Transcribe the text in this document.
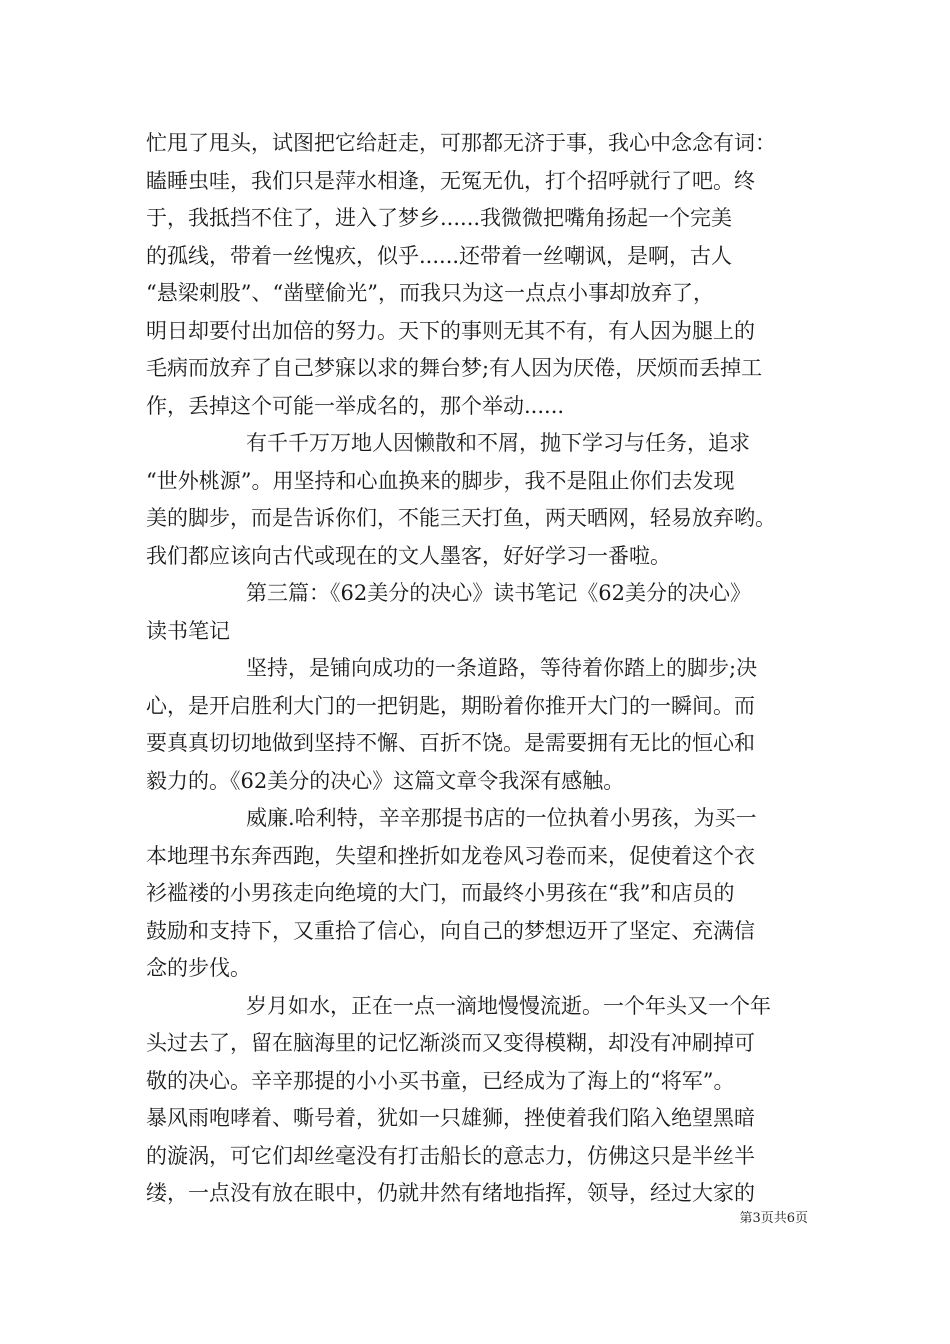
忙甩了甩头，试图把它给赶走，可那都无济于事，我心中念念有词：
瞌睡虫哇，我们只是萍水相逢，无冤无仇，打个招呼就行了吧。终
于，我抵挡不住了，进入了梦乡......我微微把嘴角扬起一个完美
的孤线，带着一丝愧疚，似乎......还带着一丝嘲讽，是啊，古人
“悬梁刺股”、“凿壁偷光”，而我只为这一点点小事却放弃了，
明日却要付出加倍的努力。天下的事则无其不有，有人因为腿上的
毛病而放弃了自己梦寐以求的舞台梦;有人因为厌倦，厌烦而丢掉工
作，丢掉这个可能一举成名的，那个举动......

有千千万万地人因懒散和不屑，抛下学习与任务，追求
“世外桃源”。用坚持和心血换来的脚步，我不是阻止你们去发现
美的脚步，而是告诉你们，不能三天打鱼，两天晒网，轻易放弃哟。
我们都应该向古代或现在的文人墨客，好好学习一番啦。

第三篇：《62美分的决心》读书笔记《62美分的决心》
读书笔记

坚持，是铺向成功的一条道路，等待着你踏上的脚步;决
心，是开启胜利大门的一把钥匙，期盼着你推开大门的一瞬间。而
要真真切切地做到坚持不懈、百折不饶。是需要拥有无比的恒心和
毅力的。《62美分的决心》这篇文章令我深有感触。

威廉.哈利特，辛辛那提书店的一位执着小男孩，为买一
本地理书东奔西跑，失望和挫折如龙卷风习卷而来，促使着这个衣
衫褴褛的小男孩走向绝境的大门，而最终小男孩在“我”和店员的
鼓励和支持下，又重拾了信心，向自己的梦想迈开了坚定、充满信
念的步伐。

岁月如水，正在一点一滴地慢慢流逝。一个年头又一个年
头过去了，留在脑海里的记忆渐淡而又变得模糊，却没有冲刷掉可
敬的决心。辛辛那提的小小买书童，已经成为了海上的“将军”。
暴风雨咆哮着、嘶号着，犹如一只雄狮，挫使着我们陷入绝望黑暗
的漩涡，可它们却丝毫没有打击船长的意志力，仿佛这只是半丝半
缕，一点没有放在眼中，仍就井然有绪地指挥，领导，经过大家的

第3页共6页
